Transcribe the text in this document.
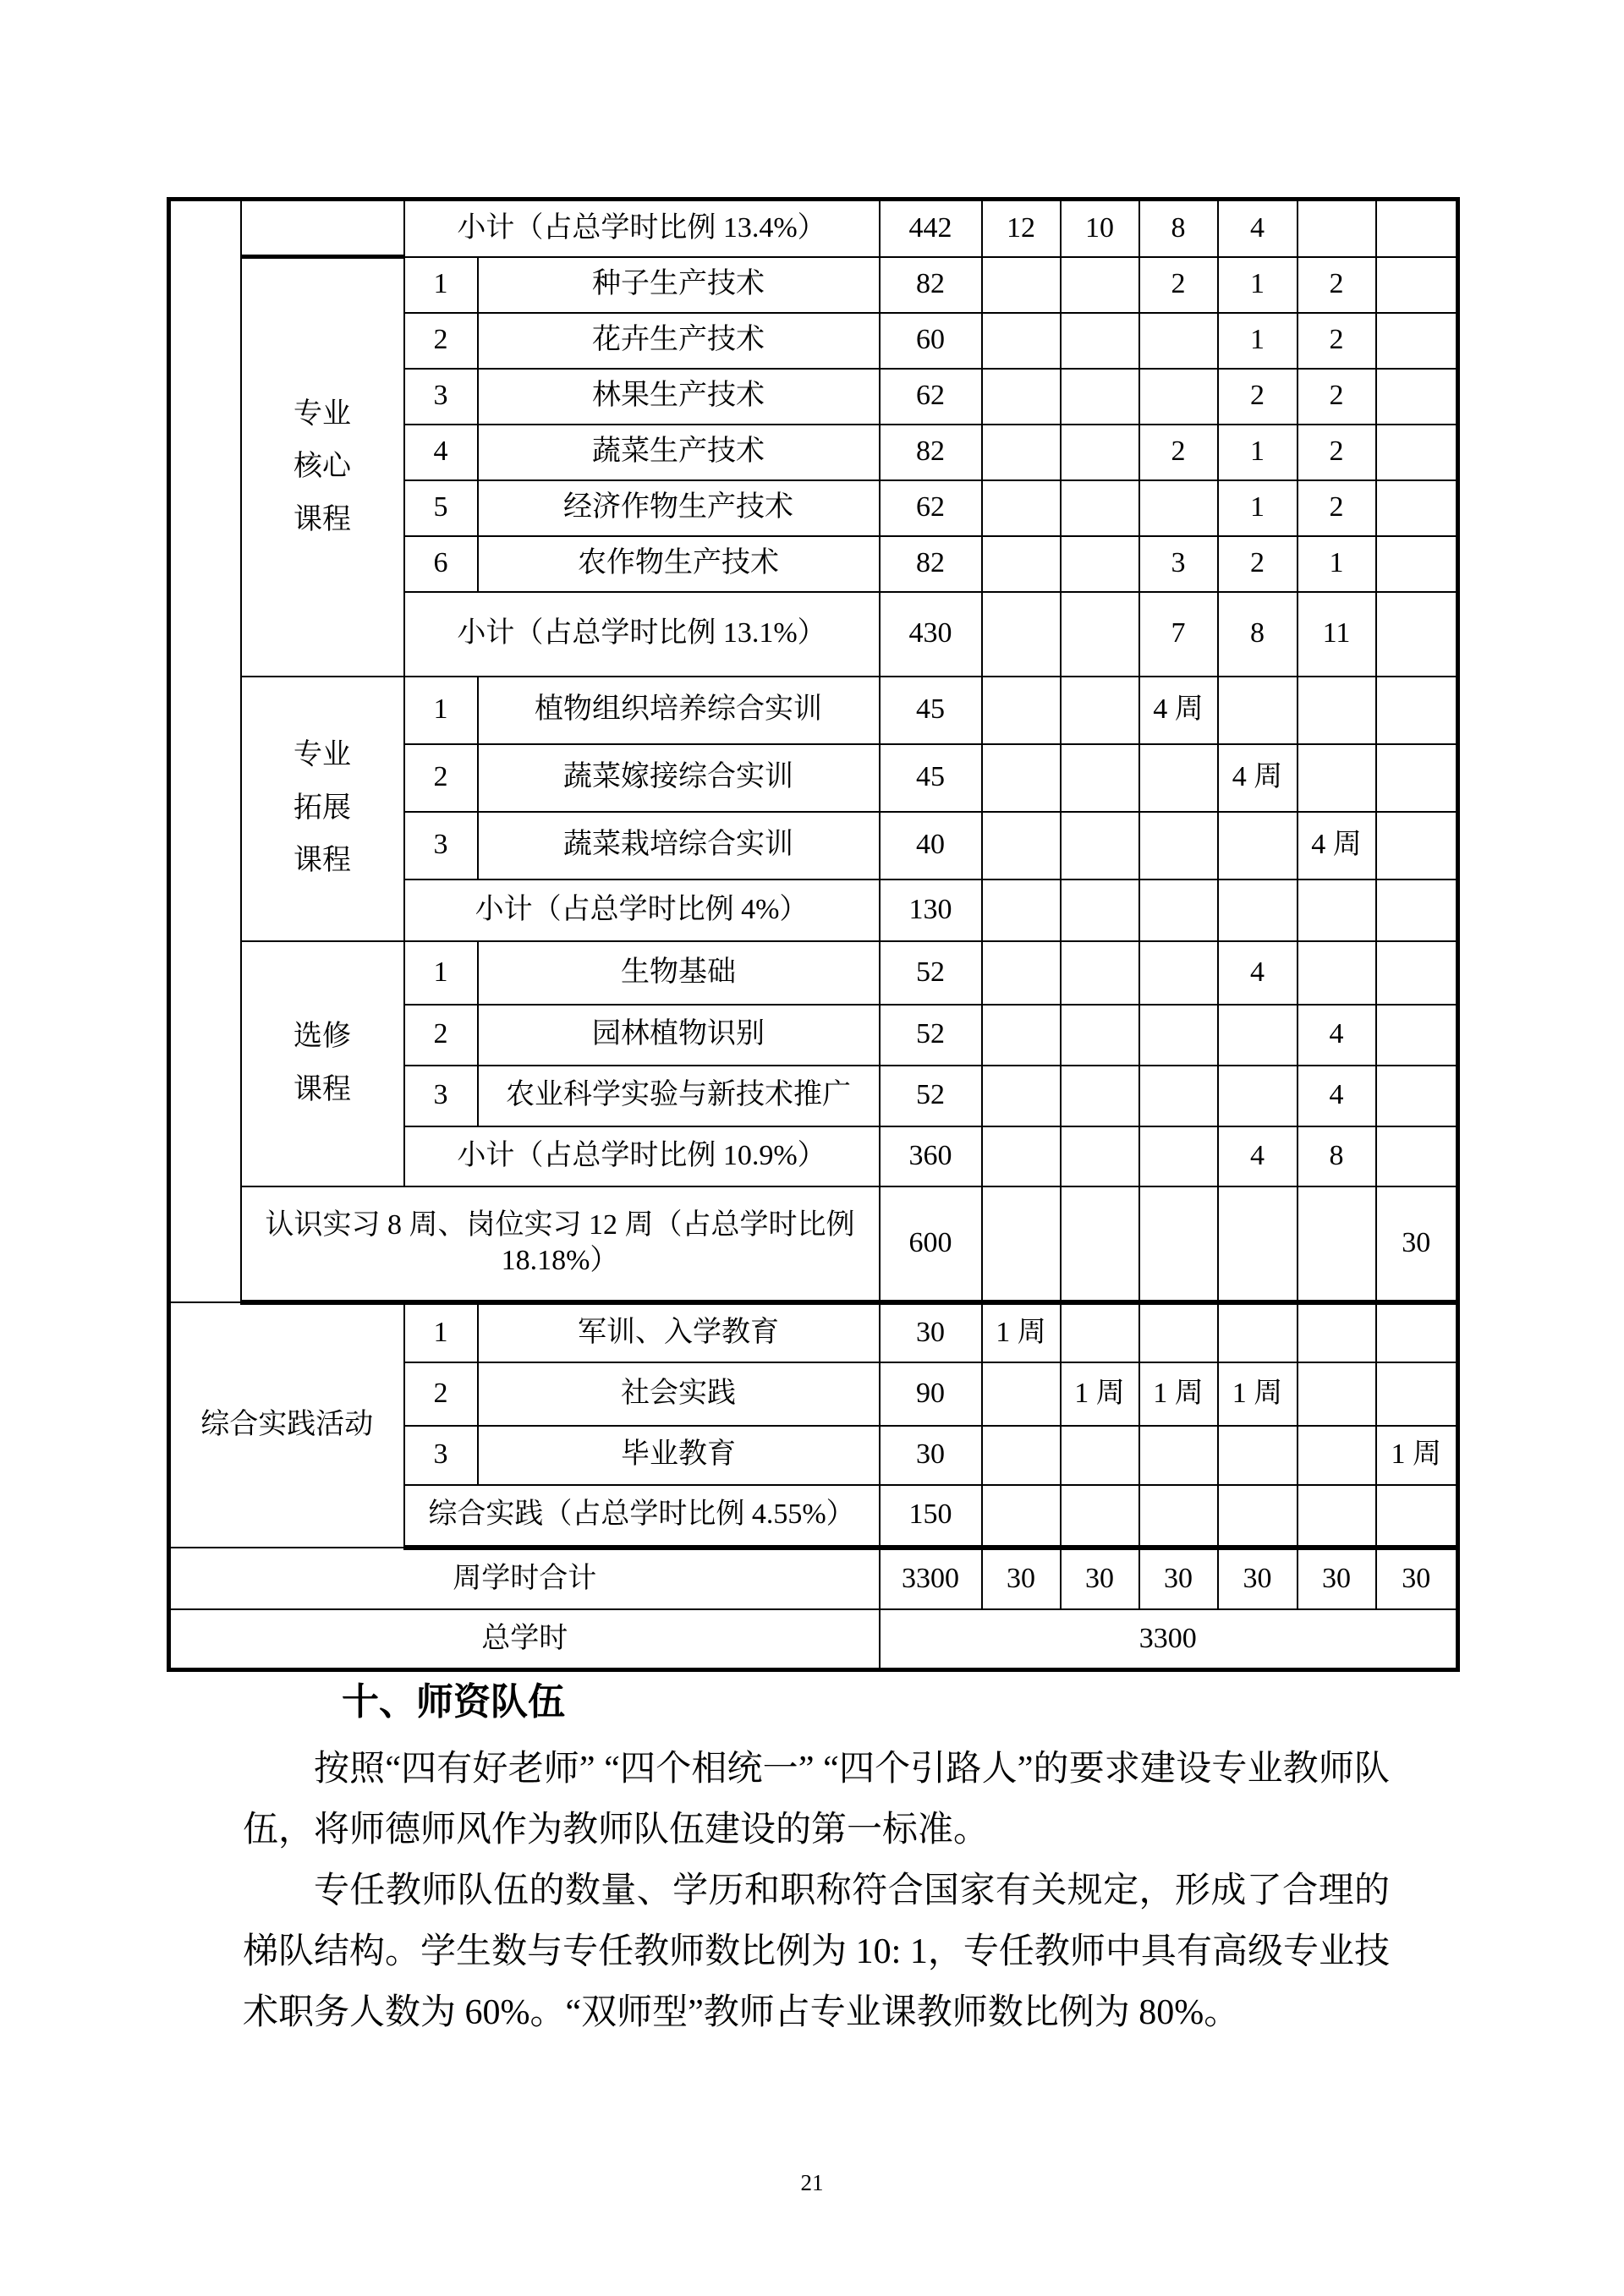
		小计（占总学时比例 13.4%）		442	12	10	8	4		

	专业
核心
课程	1	种子生产技术	82			2	1	2	
		2	花卉生产技术	60				1	2	
		3	林果生产技术	62				2	2	
		4	蔬菜生产技术	82			2	1	2	
		5	经济作物生产技术	62				1	2	
		6	农作物生产技术	82			3	2	1	
		小计（占总学时比例 13.1%）		430			7	8	11	

	专业
拓展
课程	1	植物组织培养综合实训	45			4 周			
		2	蔬菜嫁接综合实训	45				4 周		
		3	蔬菜栽培综合实训	40					4 周	
		小计（占总学时比例 4%）		130						

	选修
课程	1	生物基础	52				4		
		2	园林植物识别	52					4	
		3	农业科学实验与新技术推广	52					4	
		小计（占总学时比例 10.9%）		360				4	8	

	认识实习 8 周、岗位实习 12 周（占总学时比例
18.18%）			600						30
综合实践活动		1	军训、入学教育	30	1 周					
		2	社会实践	90		1 周	1 周	1 周		
		3	毕业教育	30						1 周
		综合实践（占总学时比例 4.55%）		150						
周学时合计				3300	30	30	30	30	30	30
总学时				3300						
十、师资队伍

按照“四有好老师” “四个相统一” “四个引路人”的要求建设专业教师队伍，将师德师风作为教师队伍建设的第一标准。

专任教师队伍的数量、学历和职称符合国家有关规定，形成了合理的梯队结构。学生数与专任教师数比例为 10: 1，专任教师中具有高级专业技术职务人数为 60%。“双师型”教师占专业课教师数比例为 80%。

21
